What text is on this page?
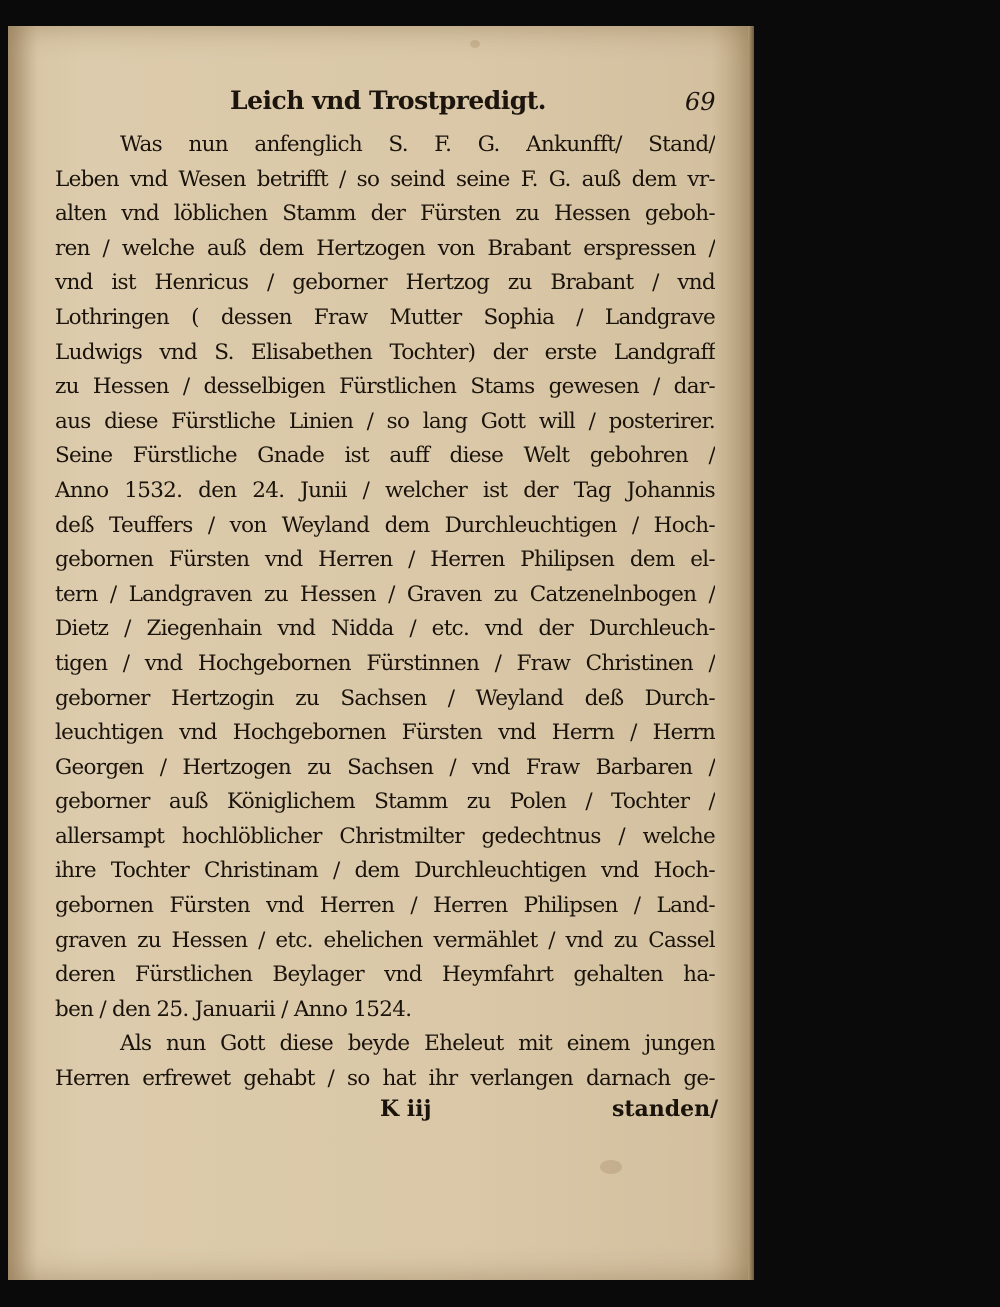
Leich vnd Trostpredigt.	69
Was nun anfenglich S. F. G. Ankunfft/ Stand/
Leben vnd Wesen betrifft / so seind seine F. G. auß dem vr-
alten vnd löblichen Stamm der Fürsten zu Hessen geboh-
ren / welche auß dem Hertzogen von Brabant erspressen /
vnd ist Henricus / geborner Hertzog zu Brabant / vnd
Lothringen ( dessen Fraw Mutter Sophia / Landgrave
Ludwigs vnd S. Elisabethen Tochter) der erste Landgraff
zu Hessen / desselbigen Fürstlichen Stams gewesen / dar-
aus diese Fürstliche Linien / so lang Gott will / posterirer.
Seine Fürstliche Gnade ist auff diese Welt gebohren /
Anno 1532. den 24. Junii / welcher ist der Tag Johannis
deß Teuffers / von Weyland dem Durchleuchtigen / Hoch-
gebornen Fürsten vnd Herren / Herren Philipsen dem el-
tern / Landgraven zu Hessen / Graven zu Catzenelnbogen /
Dietz / Ziegenhain vnd Nidda / etc. vnd der Durchleuch-
tigen / vnd Hochgebornen Fürstinnen / Fraw Christinen /
geborner Hertzogin zu Sachsen / Weyland deß Durch-
leuchtigen vnd Hochgebornen Fürsten vnd Herrn / Herrn
Georgen / Hertzogen zu Sachsen / vnd Fraw Barbaren /
geborner auß Königlichem Stamm zu Polen / Tochter /
allersampt hochlöblicher Christmilter gedechtnus / welche
ihre Tochter Christinam / dem Durchleuchtigen vnd Hoch-
gebornen Fürsten vnd Herren / Herren Philipsen / Land-
graven zu Hessen / etc. ehelichen vermählet / vnd zu Cassel
deren Fürstlichen Beylager vnd Heymfahrt gehalten ha-
ben / den 25. Januarii / Anno 1524.
Als nun Gott diese beyde Eheleut mit einem jungen
Herren erfrewet gehabt / so hat ihr verlangen darnach ge-
K iij	standen/
